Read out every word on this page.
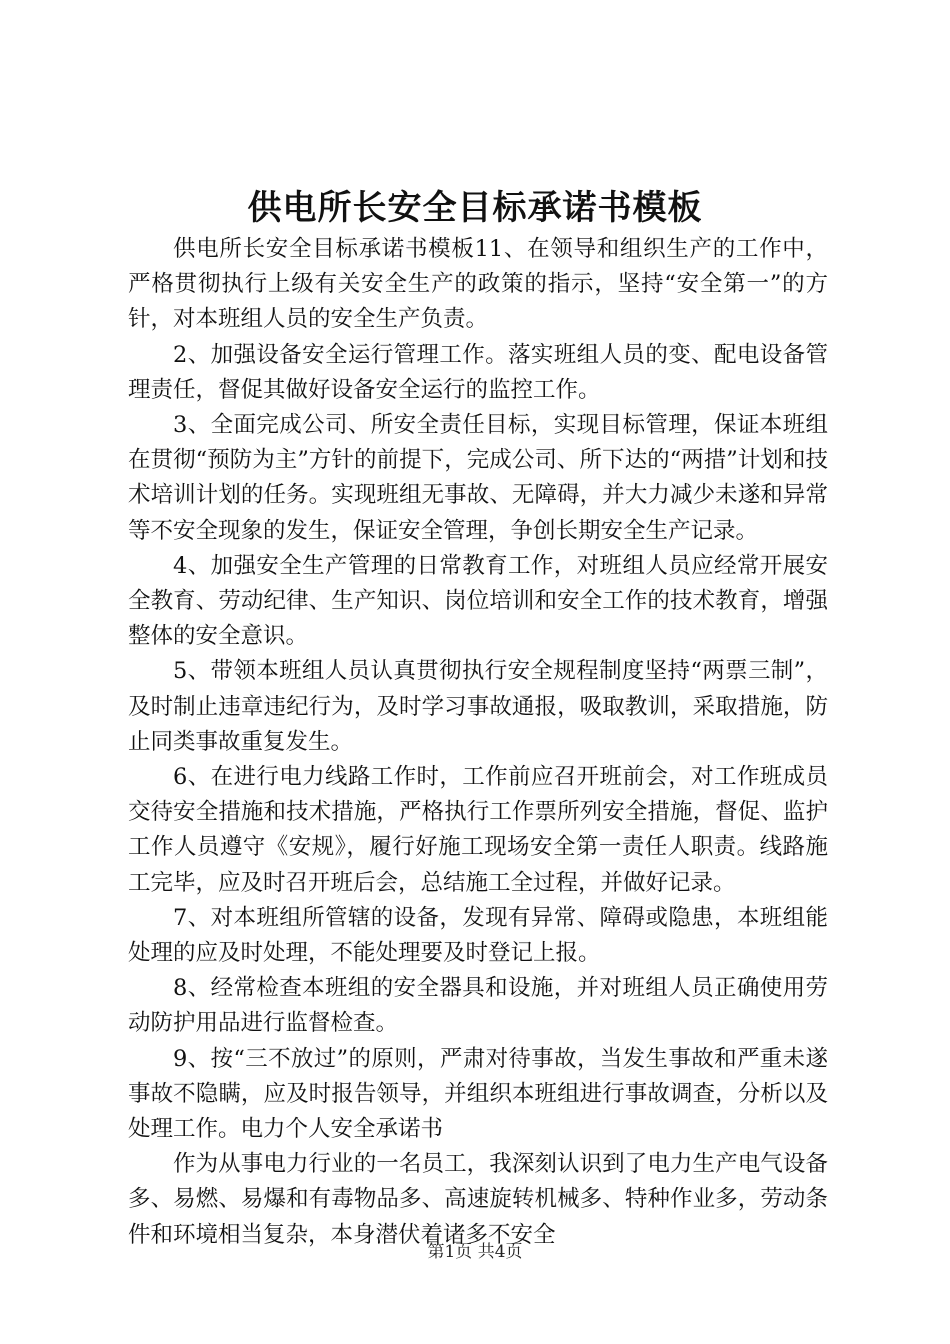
供电所长安全目标承诺书模板

供电所长安全目标承诺书模板11、在领导和组织生产的工作中，严格贯彻执行上级有关安全生产的政策的指示，坚持“安全第一”的方针，对本班组人员的安全生产负责。

2、加强设备安全运行管理工作。落实班组人员的变、配电设备管理责任，督促其做好设备安全运行的监控工作。

3、全面完成公司、所安全责任目标，实现目标管理，保证本班组在贯彻“预防为主”方针的前提下，完成公司、所下达的“两措”计划和技术培训计划的任务。实现班组无事故、无障碍，并大力减少未遂和异常等不安全现象的发生，保证安全管理，争创长期安全生产记录。

4、加强安全生产管理的日常教育工作，对班组人员应经常开展安全教育、劳动纪律、生产知识、岗位培训和安全工作的技术教育，增强整体的安全意识。

5、带领本班组人员认真贯彻执行安全规程制度坚持“两票三制”，及时制止违章违纪行为，及时学习事故通报，吸取教训，采取措施，防止同类事故重复发生。

6、在进行电力线路工作时，工作前应召开班前会，对工作班成员交待安全措施和技术措施，严格执行工作票所列安全措施，督促、监护工作人员遵守《安规》，履行好施工现场安全第一责任人职责。线路施工完毕，应及时召开班后会，总结施工全过程，并做好记录。

7、对本班组所管辖的设备，发现有异常、障碍或隐患，本班组能处理的应及时处理，不能处理要及时登记上报。

8、经常检查本班组的安全器具和设施，并对班组人员正确使用劳动防护用品进行监督检查。

9、按“三不放过”的原则，严肃对待事故，当发生事故和严重未遂事故不隐瞒，应及时报告领导，并组织本班组进行事故调查，分析以及处理工作。电力个人安全承诺书

作为从事电力行业的一名员工，我深刻认识到了电力生产电气设备多、易燃、易爆和有毒物品多、高速旋转机械多、特种作业多，劳动条件和环境相当复杂，本身潜伏着诸多不安全

第1页 共4页
